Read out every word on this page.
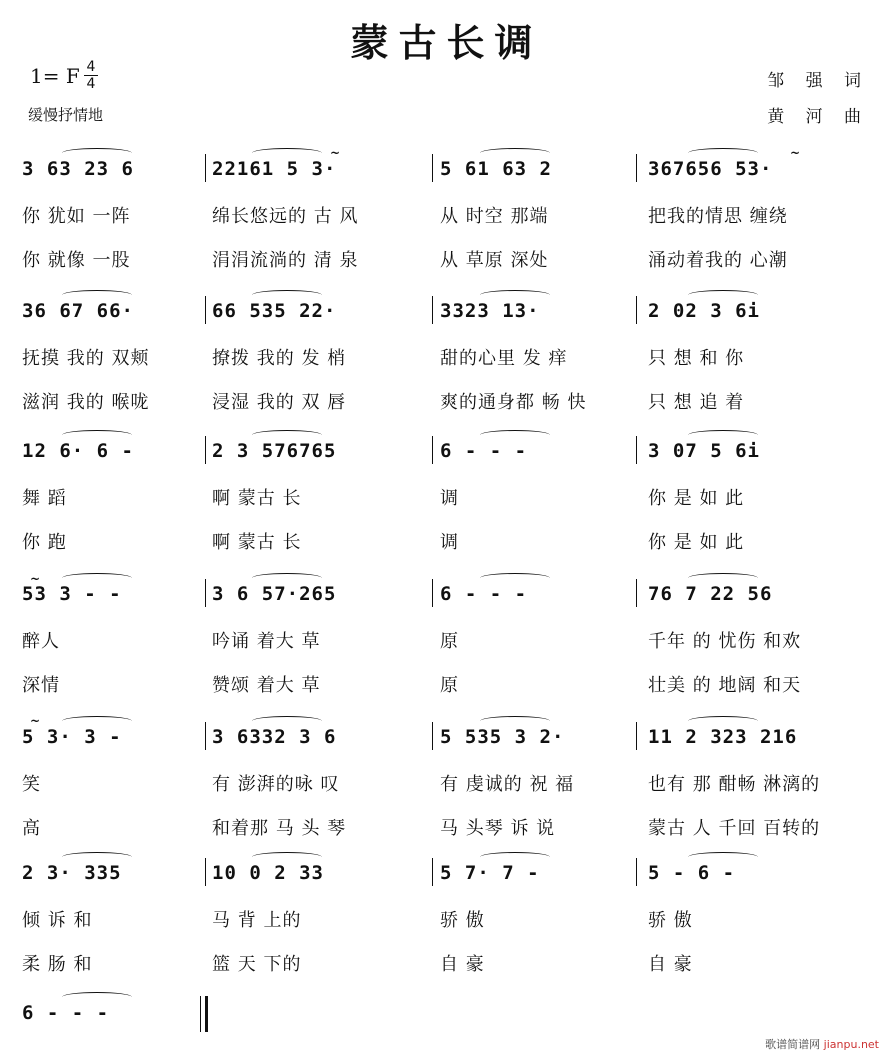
蒙古长调
1= F 4
4
缓慢抒情地
邹 强 词
黄 河 曲
3 63 23 6	22161 5 3·	5 61 63 2	367656 53·
你 犹如 一阵	绵长悠远的 古 风	从 时空 那端	把我的情思 缠绕
你 就像 一股	涓涓流淌的 清 泉	从 草原 深处	涌动着我的 心潮
36 67 66·	66 535 22·	3323 13·	2 02 3 6i
抚摸 我的 双颊	撩拨 我的 发 梢	甜的心里 发 痒	只 想 和 你
滋润 我的 喉咙	浸湿 我的 双 唇	爽的通身都 畅 快	只 想 追 着
12 6· 6 -	2 3 576765	6 - - -	3 07 5 6i
舞 蹈	啊 蒙古 长	调	你 是 如 此
你 跑	啊 蒙古 长	调	你 是 如 此
53 3 - -	3 6 57·265	6 - - -	76 7 22 56
醉人	吟诵 着大 草	原	千年 的 忧伤 和欢
深情	赞颂 着大 草	原	壮美 的 地阔 和天
5 3· 3 -	3 6332 3 6	5 535 3 2·	11 2 323 216
笑	有 澎湃的咏 叹	有 虔诚的 祝 福	也有 那 酣畅 淋漓的
高	和着那 马 头 琴	马 头琴 诉 说	蒙古 人 千回 百转的
2 3· 335	10 0 2 33	5 7· 7 -	5 - 6 -
倾 诉 和	马 背 上的	骄 傲	骄 傲
柔 肠 和	篮 天 下的	自 豪	自 豪
6 - - -
~	~
~
~
歌谱简谱网 jianpu.net
